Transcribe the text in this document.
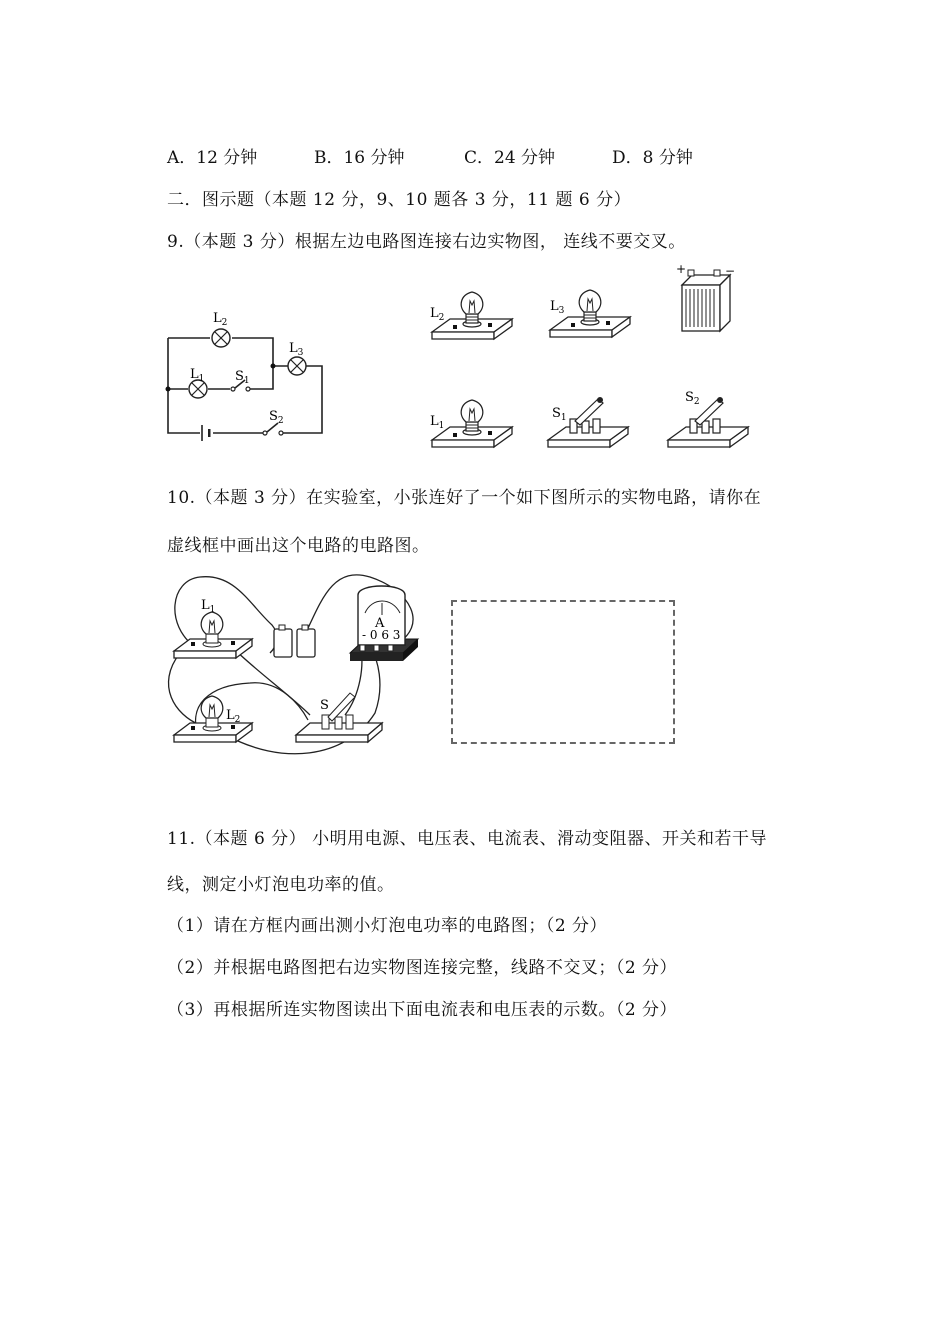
A．12 分钟	B．16 分钟	C．24 分钟	D．8 分钟
二．图示题（本题 12 分，9、10 题各 3 分，11 题 6 分）
9.（本题 3 分）根据左边电路图连接右边实物图， 连线不要交叉。
$L_2$
$L_1$
$L_3$
$S_1$
$S_2$
+	−
$L_2$
$L_3$
$L_1$
$S_1$
$S_2$
10.（本题 3 分）在实验室，小张连好了一个如下图所示的实物电路，请你在
虚线框中画出这个电路的电路图。
A
- 0 6 3
$L_1$
$L_2$
S
11.（本题 6 分） 小明用电源、电压表、电流表、滑动变阻器、开关和若干导
线，测定小灯泡电功率的值。
（1）请在方框内画出测小灯泡电功率的电路图；（2 分）
（2）并根据电路图把右边实物图连接完整，线路不交叉；（2 分）
（3）再根据所连实物图读出下面电流表和电压表的示数。（2 分）
